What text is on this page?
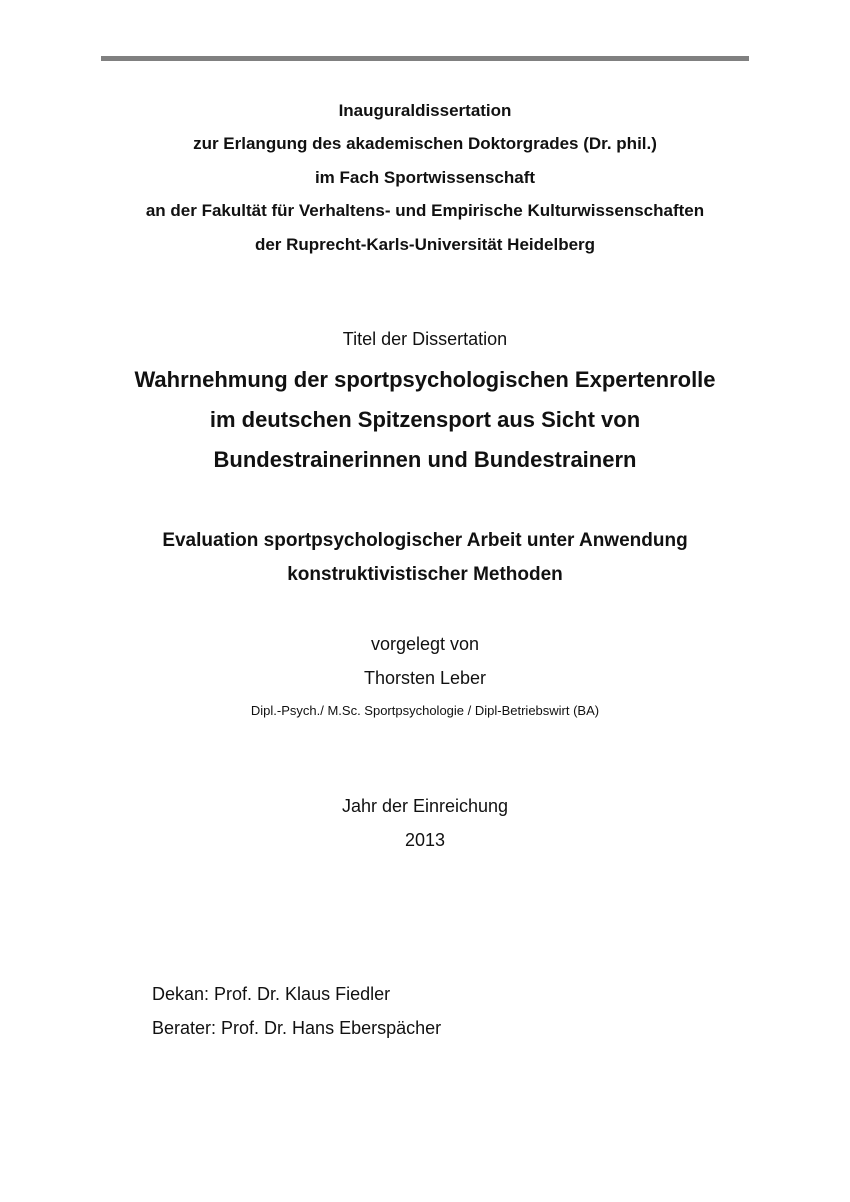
Inauguraldissertation
zur Erlangung des akademischen Doktorgrades (Dr. phil.)
im Fach Sportwissenschaft
an der Fakultät für Verhaltens- und Empirische Kulturwissenschaften
der Ruprecht-Karls-Universität Heidelberg
Titel der Dissertation
Wahrnehmung der sportpsychologischen Expertenrolle
im deutschen Spitzensport aus Sicht von
Bundestrainerinnen und Bundestrainern
Evaluation sportpsychologischer Arbeit unter Anwendung
konstruktivistischer Methoden
vorgelegt von
Thorsten Leber
Dipl.-Psych./ M.Sc. Sportpsychologie / Dipl-Betriebswirt (BA)
Jahr der Einreichung
2013
Dekan: Prof. Dr. Klaus Fiedler
Berater: Prof. Dr. Hans Eberspächer
